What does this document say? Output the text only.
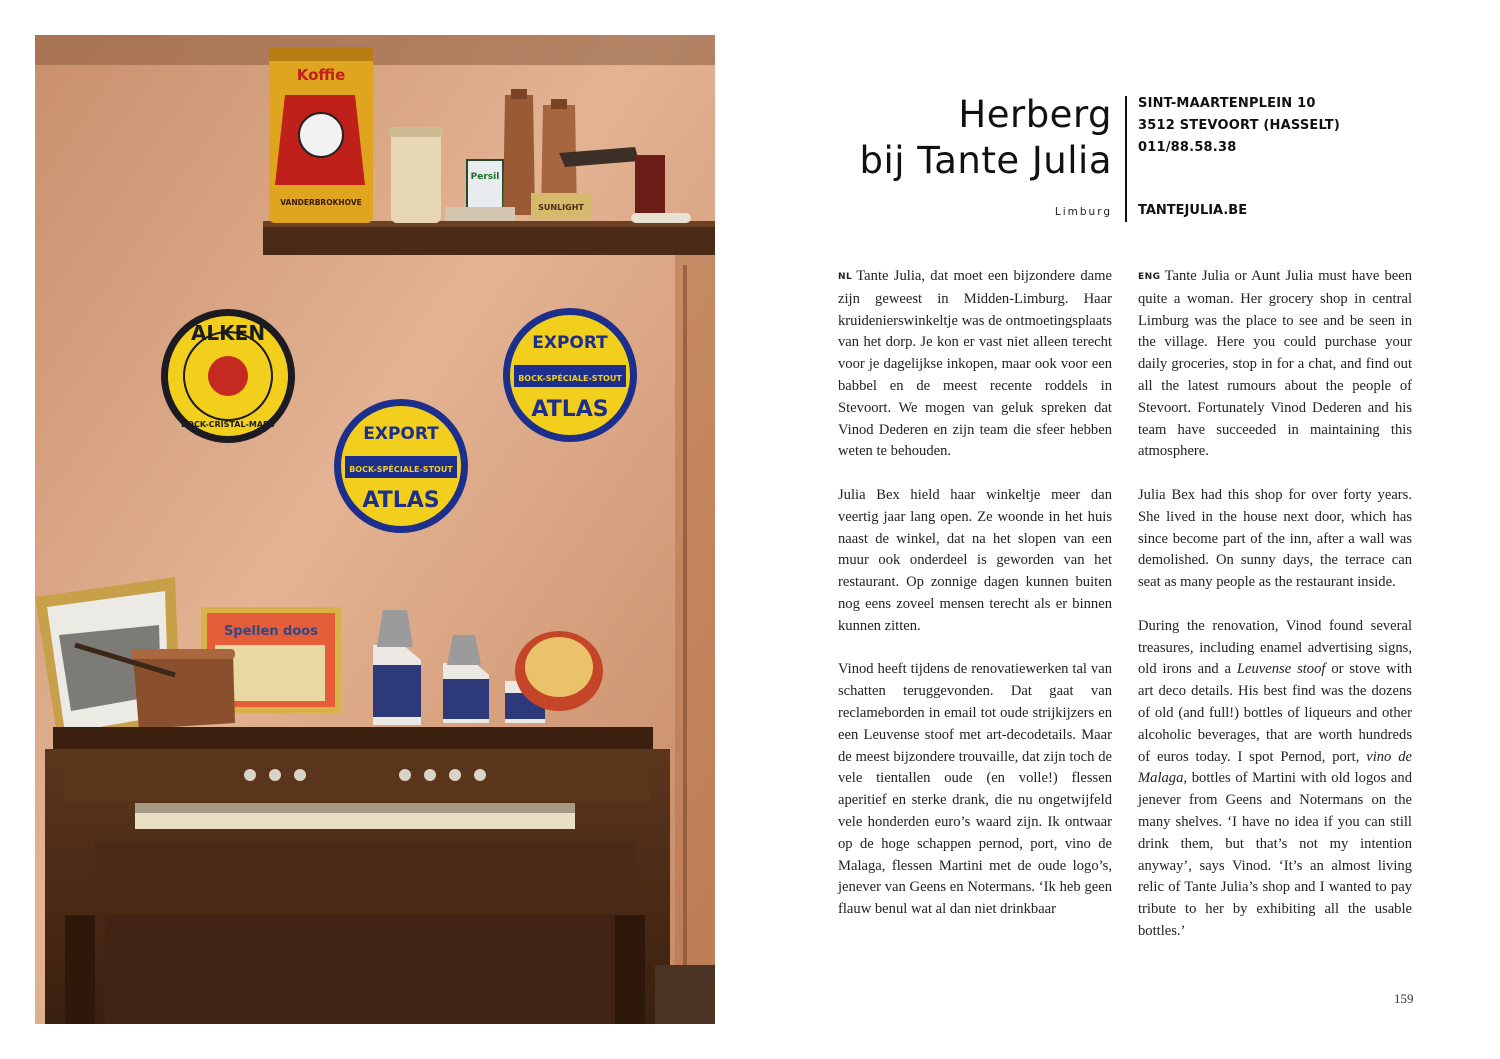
Koffie
VANDERBROKHOVE
Persil
SUNLIGHT
ALKEN
BOCK-CRISTAL-MARS
EXPORT
BOCK-SPÉCIALE-STOUT
ATLAS
EXPORT
BOCK-SPÉCIALE-STOUT
ATLAS
Spellen doos
Herberg
bij Tante Julia
Limburg
SINT-MAARTENPLEIN 10
3512 STEVOORT (HASSELT)
011/88.58.38
TANTEJULIA.BE

NL Tante Julia, dat moet een bijzondere dame zijn geweest in Midden-Limburg. Haar kruidenierswinkeltje was de ontmoetingsplaats van het dorp. Je kon er vast niet alleen terecht voor je dagelijkse inkopen, maar ook voor een babbel en de meest recente roddels in Stevoort. We mogen van geluk spreken dat Vinod Dederen en zijn team die sfeer hebben weten te behouden.

Julia Bex hield haar winkeltje meer dan veertig jaar lang open. Ze woonde in het huis naast de winkel, dat na het slopen van een muur ook onderdeel is geworden van het restaurant. Op zonnige dagen kunnen buiten nog eens zoveel mensen terecht als er binnen kunnen zitten.

Vinod heeft tijdens de renovatiewerken tal van schatten teruggevonden. Dat gaat van reclameborden in email tot oude strijkijzers en een Leuvense stoof met art-decodetails. Maar de meest bijzondere trouvaille, dat zijn toch de vele tientallen oude (en volle!) flessen aperitief en sterke drank, die nu ongetwijfeld vele honderden euro’s waard zijn. Ik ontwaar op de hoge schappen pernod, port, vino de Malaga, flessen Martini met de oude logo’s, jenever van Geens en Notermans. ‘Ik heb geen flauw benul wat al dan niet drinkbaar

ENG Tante Julia or Aunt Julia must have been quite a woman. Her grocery shop in central Limburg was the place to see and be seen in the village. Here you could purchase your daily groceries, stop in for a chat, and find out all the latest rumours about the people of Stevoort. Fortunately Vinod Dederen and his team have succeeded in maintaining this atmosphere.

Julia Bex had this shop for over forty years. She lived in the house next door, which has since become part of the inn, after a wall was demolished. On sunny days, the terrace can seat as many people as the restaurant inside.

During the renovation, Vinod found several treasures, including enamel advertising signs, old irons and a Leuvense stoof or stove with art deco details. His best find was the dozens of old (and full!) bottles of liqueurs and other alcoholic beverages, that are worth hundreds of euros today. I spot Pernod, port, vino de Malaga, bottles of Martini with old logos and jenever from Geens and Notermans on the many shelves. ‘I have no idea if you can still drink them, but that’s not my intention anyway’, says Vinod. ‘It’s an almost living relic of Tante Julia’s shop and I wanted to pay tribute to her by exhibiting all the usable bottles.’

159
